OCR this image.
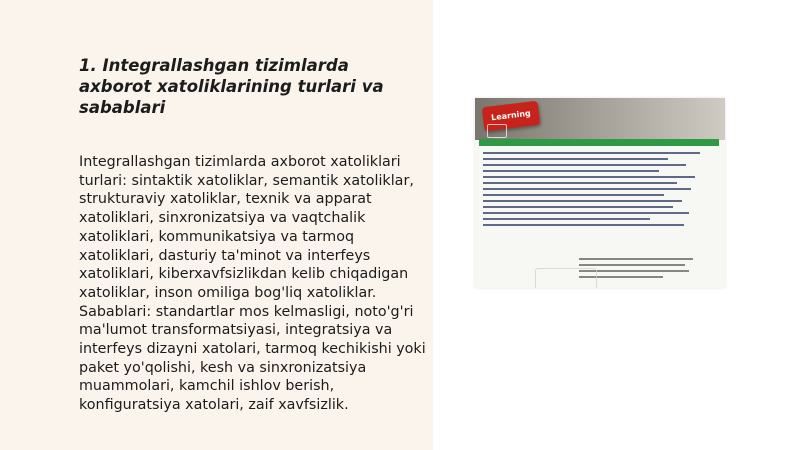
1. Integrallashgan tizimlarda axborot xatoliklarining turlari va sabablari

Integrallashgan tizimlarda axborot xatoliklari turlari: sintaktik xatoliklar, semantik xatoliklar, strukturaviy xatoliklar, texnik va apparat xatoliklari, sinxronizatsiya va vaqtchalik xatoliklari, kommunikatsiya va tarmoq xatoliklari, dasturiy ta'minot va interfeys xatoliklari, kiberxavfsizlikdan kelib chiqadigan xatoliklar, inson omiliga bog'liq xatoliklar. Sabablari: standartlar mos kelmasligi, noto'g'ri ma'lumot transformatsiyasi, integratsiya va interfeys dizayni xatolari, tarmoq kechikishi yoki paket yo'qolishi, kesh va sinxronizatsiya muammolari, kamchil ishlov berish, konfiguratsiya xatolari, zaif xavfsizlik.

Learning
